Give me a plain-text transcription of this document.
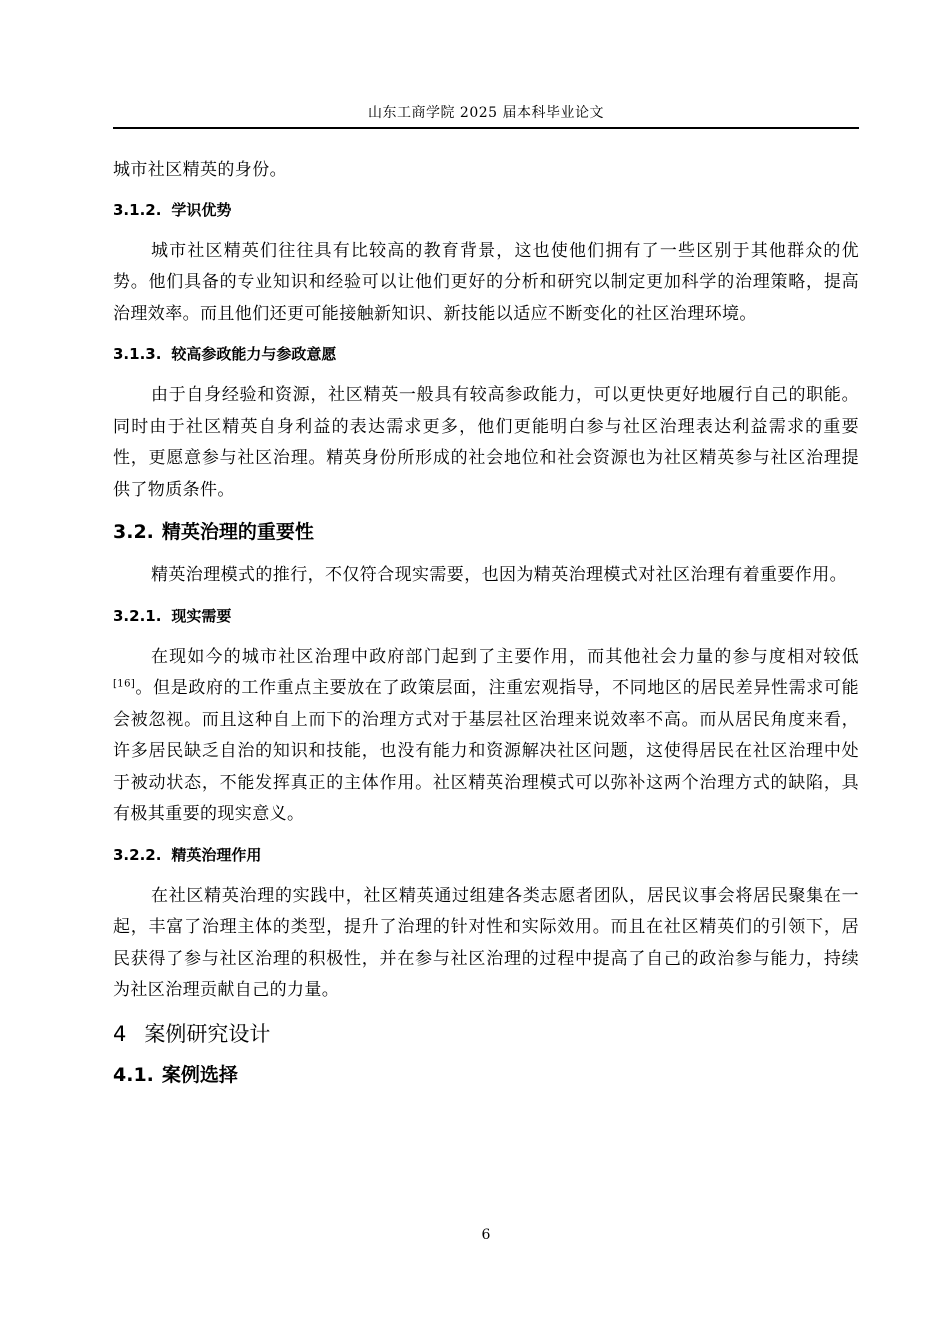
山东工商学院 2025 届本科毕业论文

城市社区精英的身份。

3.1.2. 学识优势

城市社区精英们往往具有比较高的教育背景，这也使他们拥有了一些区别于其他群众的优势。他们具备的专业知识和经验可以让他们更好的分析和研究以制定更加科学的治理策略，提高治理效率。而且他们还更可能接触新知识、新技能以适应不断变化的社区治理环境。

3.1.3. 较高参政能力与参政意愿

由于自身经验和资源，社区精英一般具有较高参政能力，可以更快更好地履行自己的职能。同时由于社区精英自身利益的表达需求更多，他们更能明白参与社区治理表达利益需求的重要性，更愿意参与社区治理。精英身份所形成的社会地位和社会资源也为社区精英参与社区治理提供了物质条件。

3.2. 精英治理的重要性

精英治理模式的推行，不仅符合现实需要，也因为精英治理模式对社区治理有着重要作用。

3.2.1. 现实需要

在现如今的城市社区治理中政府部门起到了主要作用，而其他社会力量的参与度相对较低[16]。但是政府的工作重点主要放在了政策层面，注重宏观指导，不同地区的居民差异性需求可能会被忽视。而且这种自上而下的治理方式对于基层社区治理来说效率不高。而从居民角度来看，许多居民缺乏自治的知识和技能，也没有能力和资源解决社区问题，这使得居民在社区治理中处于被动状态，不能发挥真正的主体作用。社区精英治理模式可以弥补这两个治理方式的缺陷，具有极其重要的现实意义。

3.2.2. 精英治理作用

在社区精英治理的实践中，社区精英通过组建各类志愿者团队，居民议事会将居民聚集在一起，丰富了治理主体的类型，提升了治理的针对性和实际效用。而且在社区精英们的引领下，居民获得了参与社区治理的积极性，并在参与社区治理的过程中提高了自己的政治参与能力，持续为社区治理贡献自己的力量。

4 案例研究设计
4.1. 案例选择
6
